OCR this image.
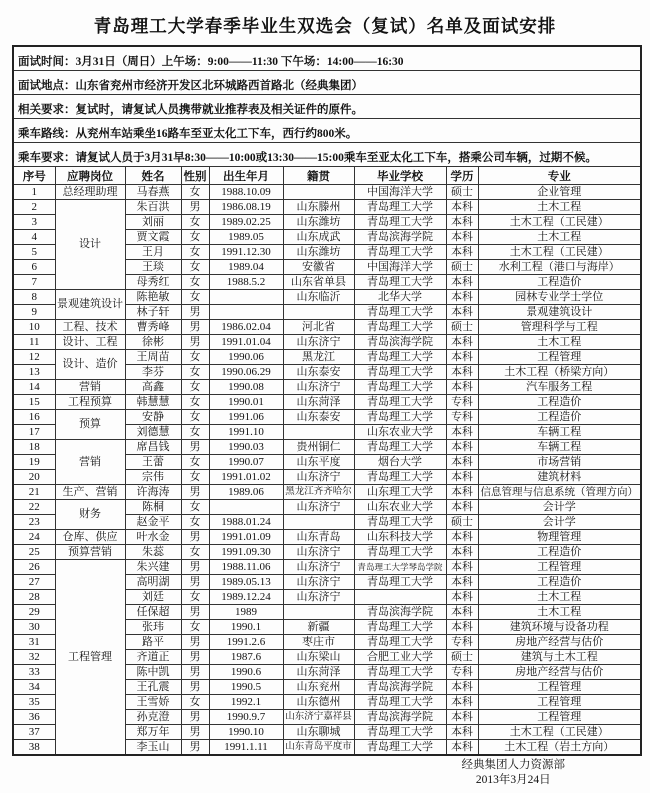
青岛理工大学春季毕业生双选会（复试）名单及面试安排
面试时间：3月31日（周日）上午场：9:00——11:30 下午场：14:00——16:30								
面试地点：山东省兖州市经济开发区北环城路西首路北（经典集团）								
相关要求：复试时，请复试人员携带就业推荐表及相关证件的原件。								
乘车路线：从兖州车站乘坐16路车至亚太化工下车，西行约800米。								
乘车要求：请复试人员于3月31早8:30——10:00或13:30——15:00乘车至亚太化工下车，搭乘公司车辆，过期不候。								
序号	应聘岗位	姓名	性别	出生年月	籍贯	毕业学校	学历	专业
1	总经理助理	马春燕	女	1988.10.09		中国海洋大学	硕士	企业管理
2	设计	朱百洪	男	1986.08.19	山东滕州	青岛理工大学	本科	土木工程
3		刘丽	女	1989.02.25	山东潍坊	青岛理工大学	本科	土木工程（工民建）
4		贾文霞	女	1989.05	山东成武	青岛滨海学院	本科	土木工程
5		王月	女	1991.12.30	山东潍坊	青岛理工大学	本科	土木工程（工民建）
6		王琰	女	1989.04	安徽省	中国海洋大学	硕士	水利工程（港口与海岸）
7		母秀红	女	1988.5.2	山东省单县	青岛理工大学	本科	工程造价
8	景观建筑设计	陈艳敏	女		山东临沂	北华大学	本科	园林专业学士学位
9		林子轩	男			青岛理工大学	本科	景观建筑设计
10	工程、技术	曹秀峰	男	1986.02.04	河北省	青岛理工大学	硕士	管理科学与工程
11	设计、工程	徐彬	男	1991.01.04	山东济宁	青岛滨海学院	本科	土木工程
12	设计、造价	王周苗	女	1990.06	黑龙江	青岛理工大学	本科	工程管理
13		李芬	女	1990.06.29	山东泰安	青岛理工大学	本科	土木工程（桥梁方向）
14	营销	高鑫	女	1990.08	山东济宁	青岛理工大学	本科	汽车服务工程
15	工程预算	韩慧慧	女	1990.01	山东菏泽	青岛理工大学	专科	工程造价
16	预算	安静	女	1991.06	山东泰安	青岛理工大学	专科	工程造价
17		刘德慧	女	1991.10		山东农业大学	本科	车辆工程
18	营销	席昌钱	男	1990.03	贵州铜仁	青岛理工大学	本科	车辆工程
19		王蕾	女	1990.07	山东平度	烟台大学	本科	市场营销
20		宗伟	女	1991.01.02	山东济宁	青岛理工大学	本科	建筑材料
21	生产、营销	许海涛	男	1989.06	黑龙江齐齐哈尔	山东理工大学	本科	信息管理与信息系统（管理方向）
22	财务	陈桐	女		山东济宁	山东农业大学	本科	会计学
23		赵金平	女	1988.01.24		青岛理工大学	硕士	会计学
24	仓库、供应	叶水金	男	1991.01.09	山东青岛	山东科技大学	本科	物理管理
25	预算营销	朱蕊	女	1991.09.30	山东济宁	青岛理工大学	本科	工程造价
26	工程管理	朱兴建	男	1988.11.06	山东济宁	青岛理工大学琴岛学院	本科	工程管理
27		高明湖	男	1989.05.13	山东济宁	青岛理工大学	本科	工程造价
28		刘廷	女	1989.12.24	山东济宁		本科	土木工程
29		任保超	男	1989		青岛滨海学院	本科	土木工程
30		张玮	女	1990.1	新疆	青岛理工大学	本科	建筑环境与设备功程
31		路平	男	1991.2.6	枣庄市	青岛理工大学	专科	房地产经营与估价
32		齐道正	男	1987.6	山东梁山	合肥工业大学	硕士	建筑与土木工程
33		陈中凯	男	1990.6	山东菏泽	青岛理工大学	专科	房地产经营与估价
34		王孔震	男	1990.5	山东兖州	青岛滨海学院	本科	工程管理
35		王雪娇	女	1992.1	山东德州	青岛理工大学	本科	工程管理
36		孙克澄	男	1990.9.7	山东济宁嘉祥县	青岛滨海学院	本科	工程管理
37		郑万年	男	1990.10	山东聊城	青岛理工大学	本科	土木工程（工民建）
38		李玉山	男	1991.1.11	山东青岛平度市	青岛理工大学	本科	土木工程（岩土方向）
经典集团人力资源部
2013年3月24日
